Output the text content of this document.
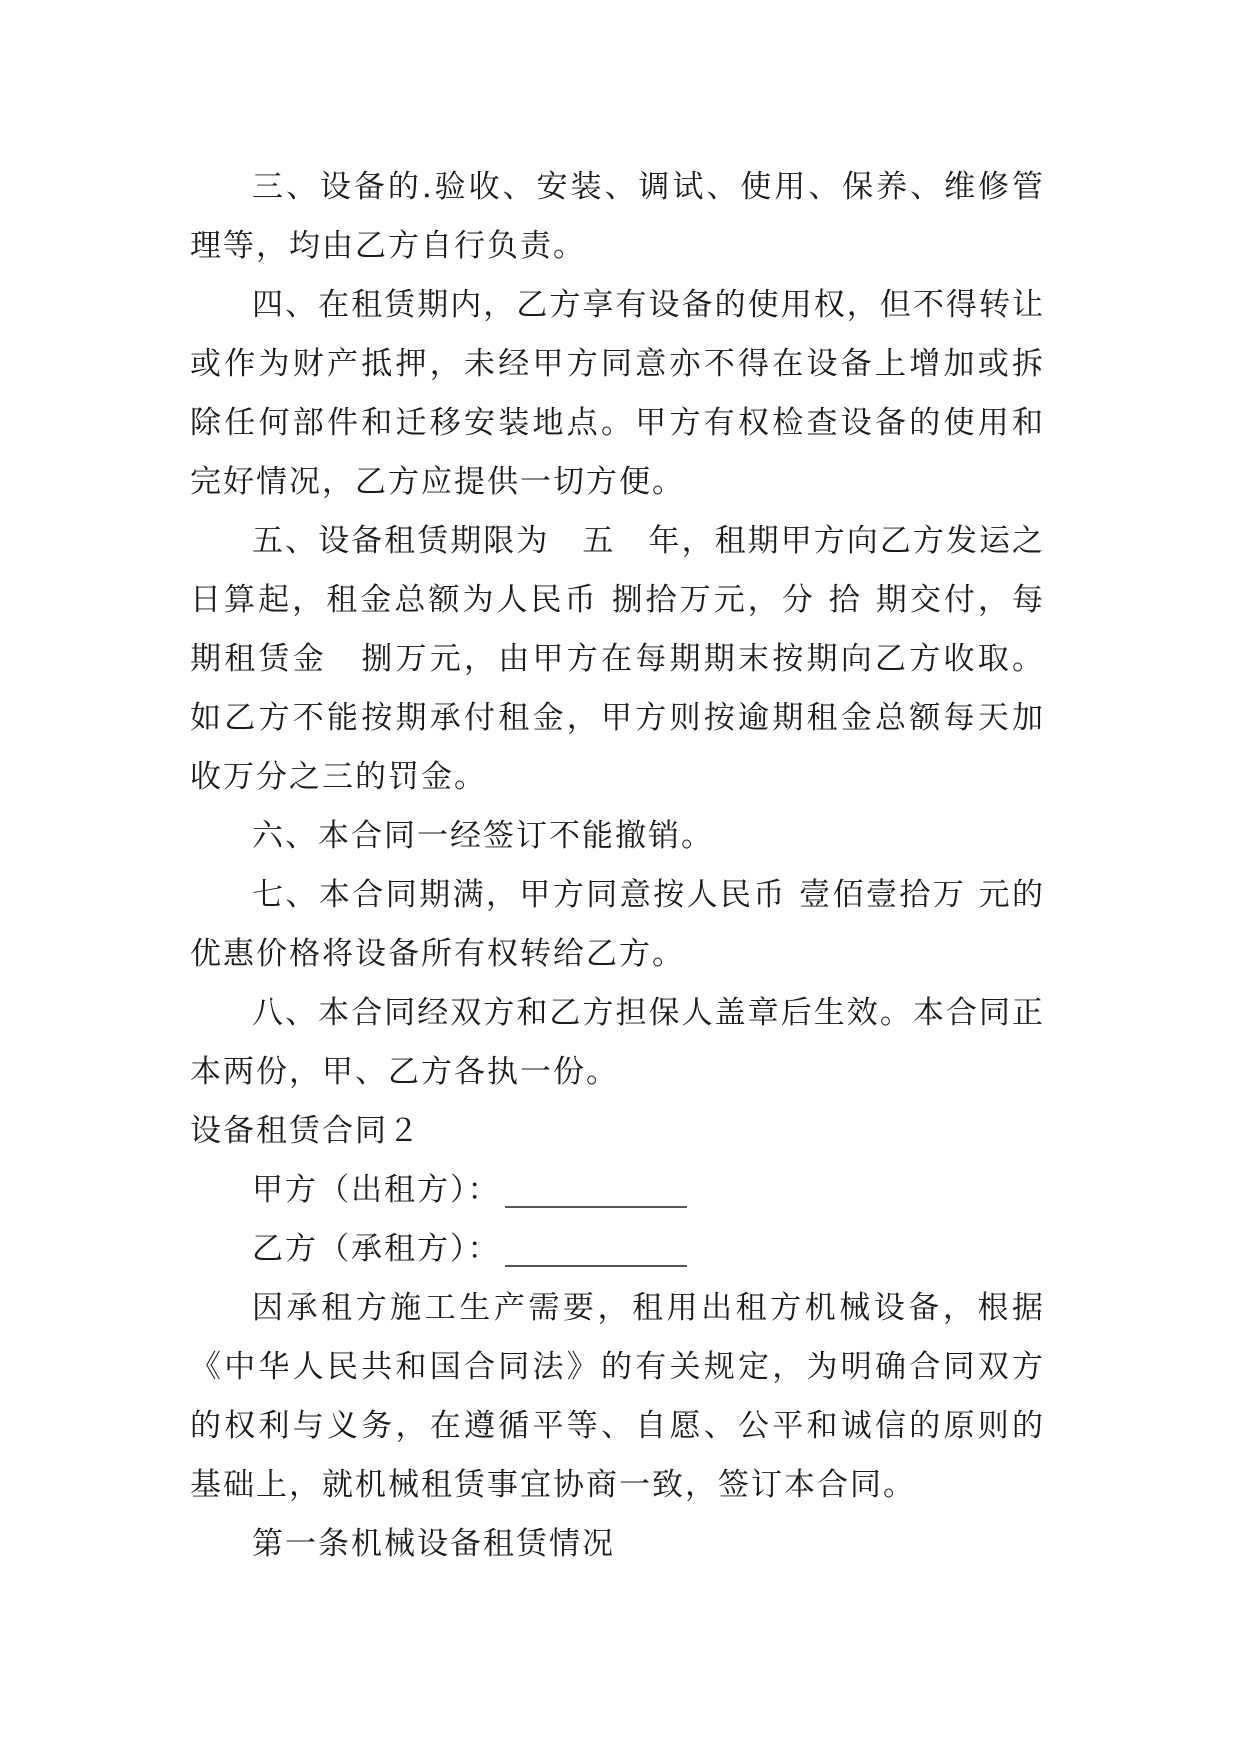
三、设备的.验收、安装、调试、使用、保养、维修管理等，均由乙方自行负责。

四、在租赁期内，乙方享有设备的使用权，但不得转让或作为财产抵押，未经甲方同意亦不得在设备上增加或拆除任何部件和迁移安装地点。甲方有权检查设备的使用和完好情况，乙方应提供一切方便。

五、设备租赁期限为　五　年，租期甲方向乙方发运之日算起，租金总额为人民币 捌拾万元，分 拾 期交付，每期租赁金　捌万元，由甲方在每期期末按期向乙方收取。如乙方不能按期承付租金，甲方则按逾期租金总额每天加收万分之三的罚金。

六、本合同一经签订不能撤销。

七、本合同期满，甲方同意按人民币 壹佰壹拾万 元的优惠价格将设备所有权转给乙方。

八、本合同经双方和乙方担保人盖章后生效。本合同正本两份，甲、乙方各执一份。

设备租赁合同２

甲方（出租方）：

乙方（承租方）：

因承租方施工生产需要，租用出租方机械设备，根据《中华人民共和国合同法》的有关规定，为明确合同双方的权利与义务，在遵循平等、自愿、公平和诚信的原则的基础上，就机械租赁事宜协商一致，签订本合同。

第一条机械设备租赁情况
